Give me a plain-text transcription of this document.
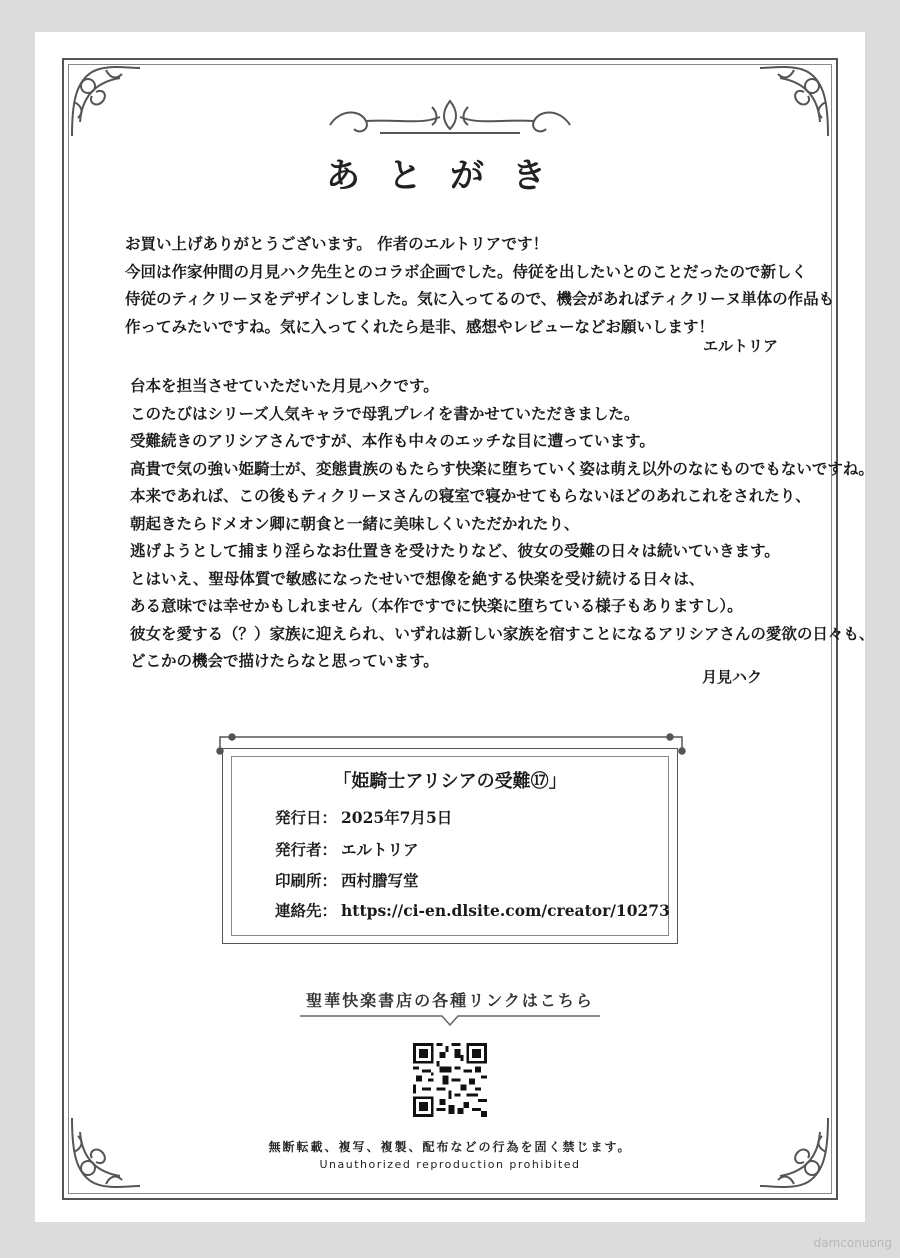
あとがき
お買い上げありがとうございます。 作者のエルトリアです！
今回は作家仲間の月見ハク先生とのコラボ企画でした。侍従を出したいとのことだったので新しく
侍従のティクリーヌをデザインしました。気に入ってるので、機会があればティクリーヌ単体の作品も
作ってみたいですね。気に入ってくれたら是非、感想やレビューなどお願いします！
エルトリア
台本を担当させていただいた月見ハクです。
このたびはシリーズ人気キャラで母乳プレイを書かせていただきました。
受難続きのアリシアさんですが、本作も中々のエッチな目に遭っています。
高貴で気の強い姫騎士が、変態貴族のもたらす快楽に堕ちていく姿は萌え以外のなにものでもないですね。
本来であれば、この後もティクリーヌさんの寝室で寝かせてもらないほどのあれこれをされたり、
朝起きたらドメオン卿に朝食と一緒に美味しくいただかれたり、
逃げようとして捕まり淫らなお仕置きを受けたりなど、彼女の受難の日々は続いていきます。
とはいえ、聖母体質で敏感になったせいで想像を絶する快楽を受け続ける日々は、
ある意味では幸せかもしれません（本作ですでに快楽に堕ちている様子もありますし）。
彼女を愛する（？）家族に迎えられ、いずれは新しい家族を宿すことになるアリシアさんの愛欲の日々も、
どこかの機会で描けたらなと思っています。
月見ハク
「姫騎士アリシアの受難⑰」
発行日： 2025年7月5日
発行者： エルトリア
印刷所： 西村謄写堂
連絡先： https://ci-en.dlsite.com/creator/10273
聖華快楽書店の各種リンクはこちら
無断転載、複写、複製、配布などの行為を固く禁じます。
Unauthorized reproduction prohibited
damconuong
